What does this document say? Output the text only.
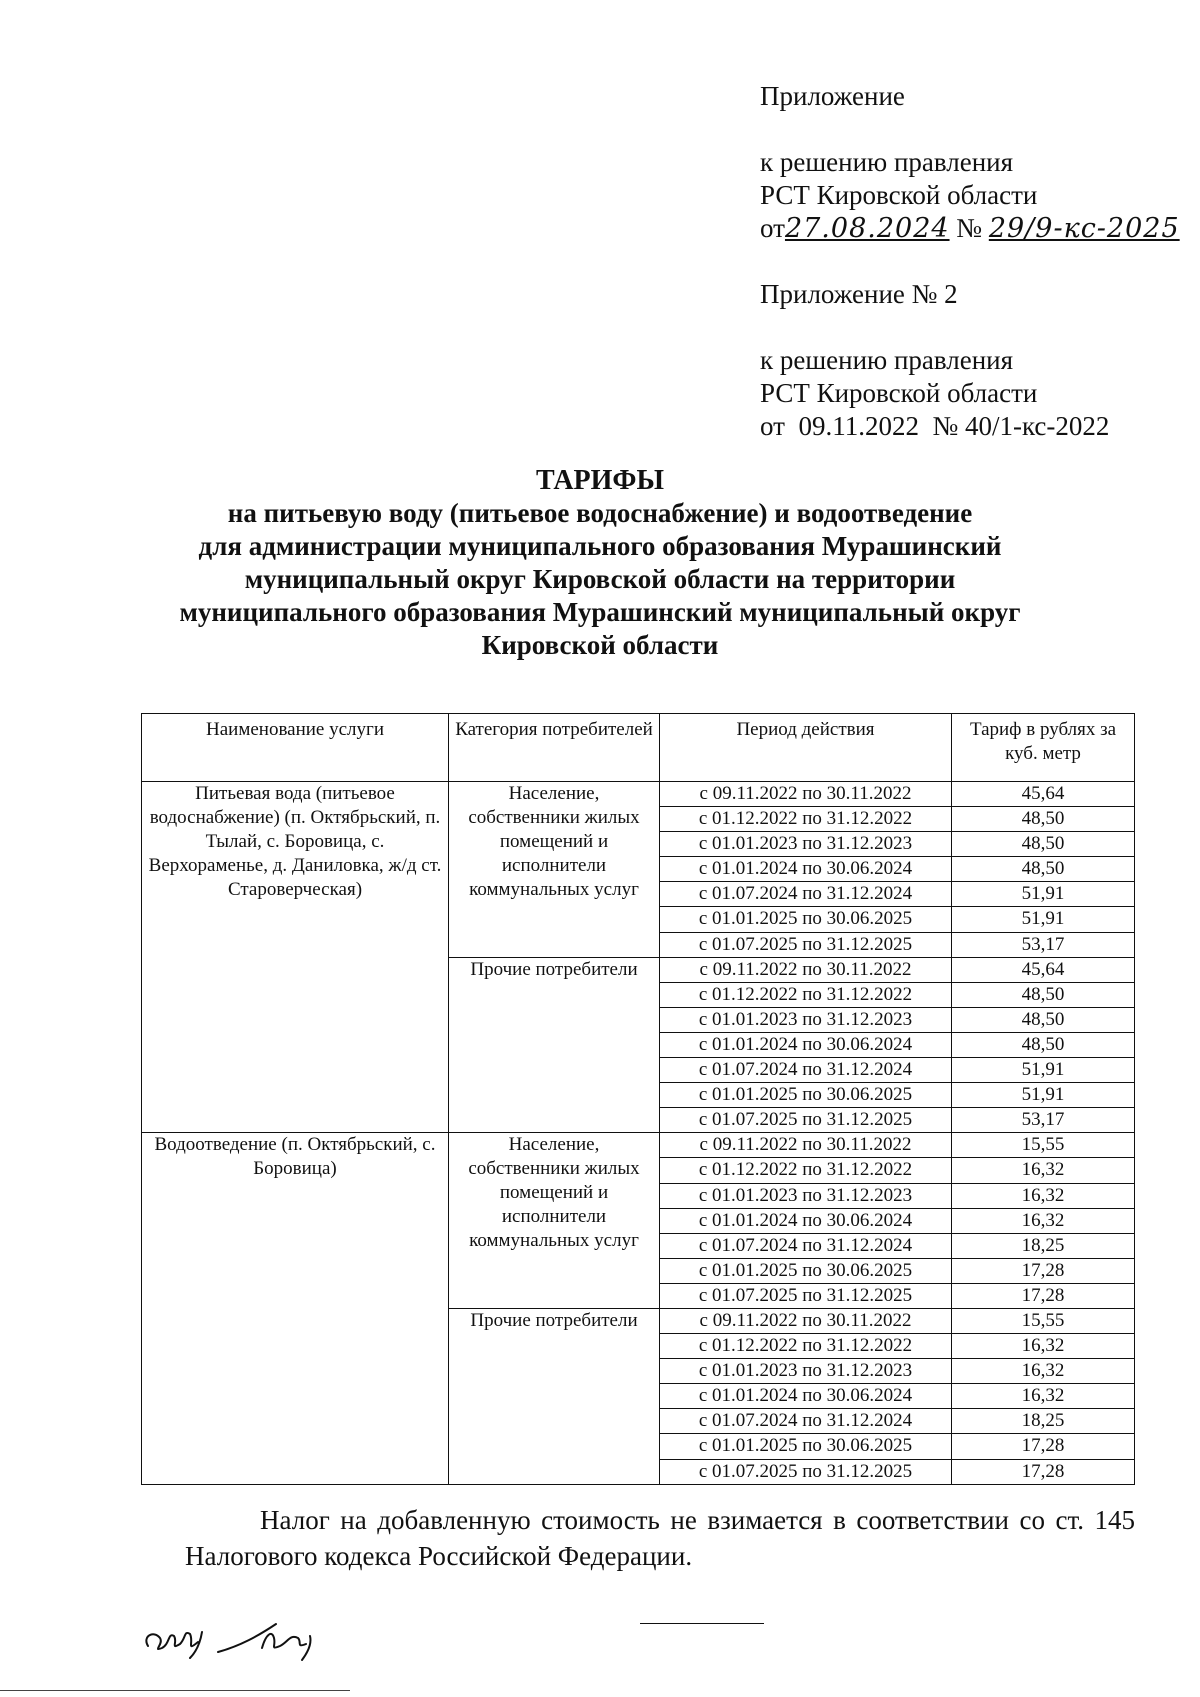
Приложение
к решению правления
РСТ Кировской области
от27.08.2024 № 29/9-кс-2025
Приложение № 2
к решению правления
РСТ Кировской области
от  09.11.2022  № 40/1-кс-2022
ТАРИФЫ
на питьевую воду (питьевое водоснабжение) и водоотведение
для администрации муниципального образования Мурашинский
муниципальный округ Кировской области на территории
муниципального образования Мурашинский муниципальный округ
Кировской области
Наименование услуги	Категория потребителей	Период действия	Тариф в рублях за куб. метр
Питьевая вода (питьевое водоснабжение) (п. Октябрьский, п. Тылай, с. Боровица, с. Верхораменье, д. Даниловка, ж/д ст. Староверческая)	Население, собственники жилых помещений и исполнители коммунальных услуг	с 09.11.2022 по 30.11.2022	45,64
		с 01.12.2022 по 31.12.2022	48,50
		с 01.01.2023 по 31.12.2023	48,50
		с 01.01.2024 по 30.06.2024	48,50
		с 01.07.2024 по 31.12.2024	51,91
		с 01.01.2025 по 30.06.2025	51,91
		с 01.07.2025 по 31.12.2025	53,17
	Прочие потребители	с 09.11.2022 по 30.11.2022	45,64
		с 01.12.2022 по 31.12.2022	48,50
		с 01.01.2023 по 31.12.2023	48,50
		с 01.01.2024 по 30.06.2024	48,50
		с 01.07.2024 по 31.12.2024	51,91
		с 01.01.2025 по 30.06.2025	51,91
		с 01.07.2025 по 31.12.2025	53,17
Водоотведение (п. Октябрьский, с. Боровица)	Население, собственники жилых помещений и исполнители коммунальных услуг	с 09.11.2022 по 30.11.2022	15,55
		с 01.12.2022 по 31.12.2022	16,32
		с 01.01.2023 по 31.12.2023	16,32
		с 01.01.2024 по 30.06.2024	16,32
		с 01.07.2024 по 31.12.2024	18,25
		с 01.01.2025 по 30.06.2025	17,28
		с 01.07.2025 по 31.12.2025	17,28
	Прочие потребители	с 09.11.2022 по 30.11.2022	15,55
		с 01.12.2022 по 31.12.2022	16,32
		с 01.01.2023 по 31.12.2023	16,32
		с 01.01.2024 по 30.06.2024	16,32
		с 01.07.2024 по 31.12.2024	18,25
		с 01.01.2025 по 30.06.2025	17,28
		с 01.07.2025 по 31.12.2025	17,28

Налог на добавленную стоимость не взимается в соответствии со ст. 145 Налогового кодекса Российской Федерации.
